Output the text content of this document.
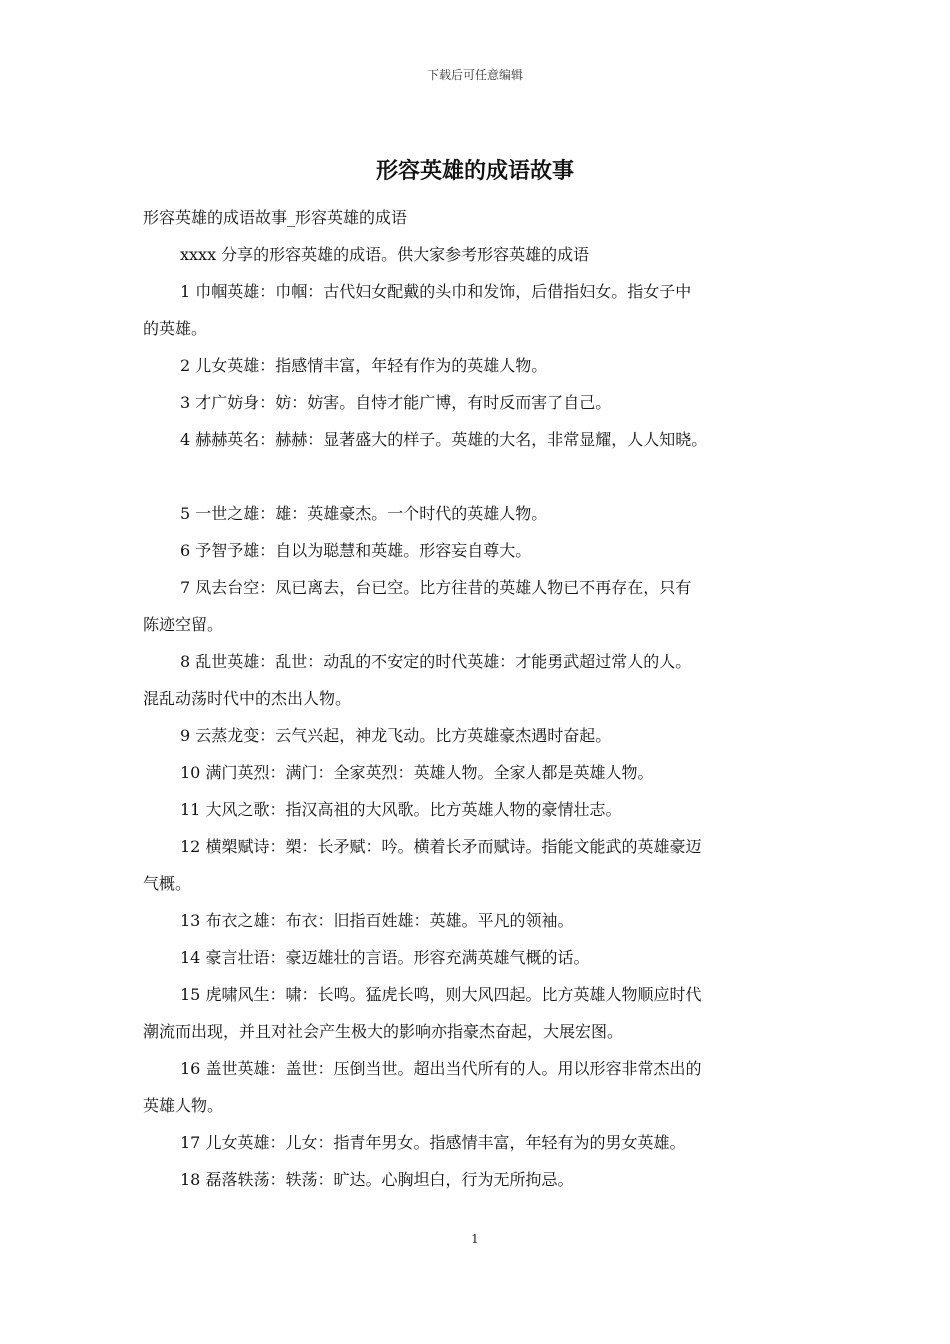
下载后可任意编辑
形容英雄的成语故事
形容英雄的成语故事_形容英雄的成语
xxxx 分享的形容英雄的成语。供大家参考形容英雄的成语
1 巾帼英雄：巾帼：古代妇女配戴的头巾和发饰，后借指妇女。指女子中
的英雄。
2 儿女英雄：指感情丰富，年轻有作为的英雄人物。
3 才广妨身：妨：妨害。自恃才能广博，有时反而害了自己。
4 赫赫英名：赫赫：显著盛大的样子。英雄的大名，非常显耀，人人知晓。
5 一世之雄：雄：英雄豪杰。一个时代的英雄人物。
6 予智予雄：自以为聪慧和英雄。形容妄自尊大。
7 凤去台空：凤已离去，台已空。比方往昔的英雄人物已不再存在，只有
陈迹空留。
8 乱世英雄：乱世：动乱的不安定的时代英雄：才能勇武超过常人的人。
混乱动荡时代中的杰出人物。
9 云蒸龙变：云气兴起，神龙飞动。比方英雄豪杰遇时奋起。
10 满门英烈：满门：全家英烈：英雄人物。全家人都是英雄人物。
11 大风之歌：指汉高祖的大风歌。比方英雄人物的豪情壮志。
12 横槊赋诗：槊：长矛赋：吟。横着长矛而赋诗。指能文能武的英雄豪迈
气概。
13 布衣之雄：布衣：旧指百姓雄：英雄。平凡的领袖。
14 豪言壮语：豪迈雄壮的言语。形容充满英雄气概的话。
15 虎啸风生：啸：长鸣。猛虎长鸣，则大风四起。比方英雄人物顺应时代
潮流而出现，并且对社会产生极大的影响亦指豪杰奋起，大展宏图。
16 盖世英雄：盖世：压倒当世。超出当代所有的人。用以形容非常杰出的
英雄人物。
17 儿女英雄：儿女：指青年男女。指感情丰富，年轻有为的男女英雄。
18 磊落轶荡：轶荡：旷达。心胸坦白，行为无所拘忌。
1
